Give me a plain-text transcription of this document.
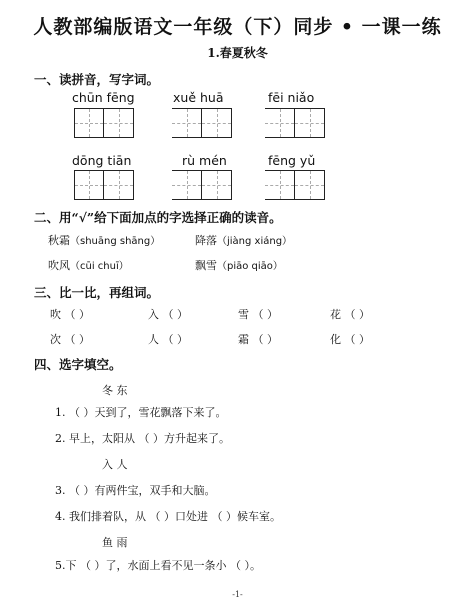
人教部编版语文一年级（下）同步 • 一课一练
1.春夏秋冬
一、读拼音，写字词。
chūn fēng	xuě huā	fēi niǎo
dōng tiān	rù mén	fēng yǔ
二、用“√”给下面加点的字选择正确的读音。
秋霜（shuāng shāng）	降落（jiàng xiáng）
吹风（cūi chuī）	飘雪（piāo qiāo）
三、比一比，再组词。
吹 （ ）	入 （ ）	雪 （ ）	花 （ ）
次 （ ）	人 （ ）	霜 （ ）	化 （ ）
四、选字填空。
冬 东
1. （ ）天到了，雪花飘落下来了。
2. 早上，太阳从 （ ）方升起来了。
入 人
3. （ ）有两件宝，双手和大脑。
4. 我们排着队，从 （ ）口处进 （ ）候车室。
鱼 雨
5.下 （ ）了，水面上看不见一条小 （ ）。
-1-
